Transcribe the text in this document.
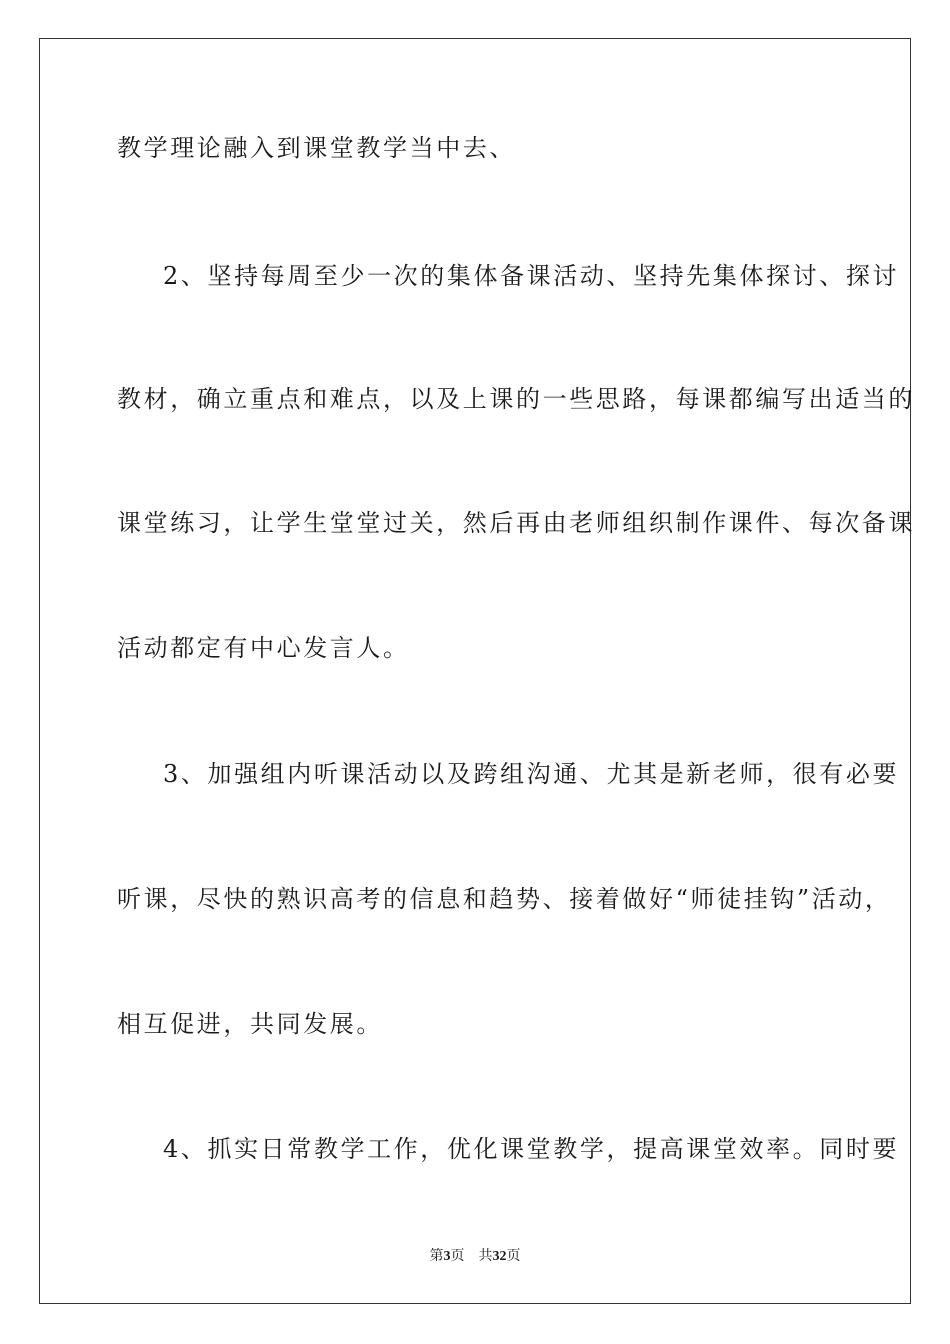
教学理论融入到课堂教学当中去、
2、坚持每周至少一次的集体备课活动、坚持先集体探讨、探讨
教材，确立重点和难点，以及上课的一些思路，每课都编写出适当的
课堂练习，让学生堂堂过关，然后再由老师组织制作课件、每次备课
活动都定有中心发言人。
3、加强组内听课活动以及跨组沟通、尤其是新老师，很有必要
听课，尽快的熟识高考的信息和趋势、接着做好“师徒挂钩”活动，
相互促进，共同发展。
4、抓实日常教学工作，优化课堂教学，提高课堂效率。同时要
第3页 共32页
